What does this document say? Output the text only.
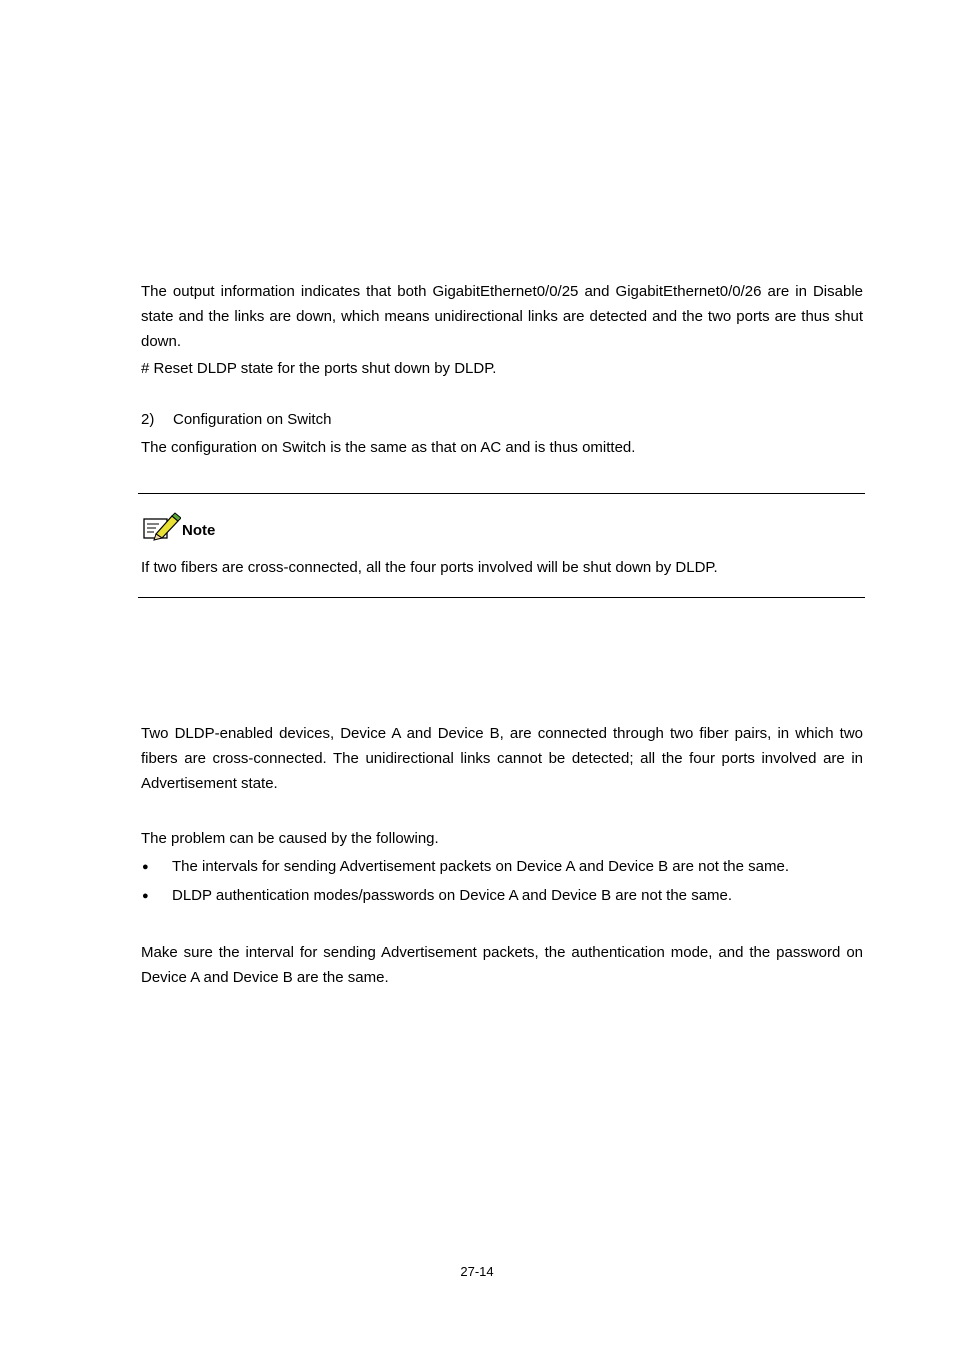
The output information indicates that both GigabitEthernet0/0/25 and GigabitEthernet0/0/26 are in Disable state and the links are down, which means unidirectional links are detected and the two ports are thus shut down.

# Reset DLDP state for the ports shut down by DLDP.

2) Configuration on Switch

The configuration on Switch is the same as that on AC and is thus omitted.

Note

If two fibers are cross-connected, all the four ports involved will be shut down by DLDP.

Two DLDP-enabled devices, Device A and Device B, are connected through two fiber pairs, in which two fibers are cross-connected. The unidirectional links cannot be detected; all the four ports involved are in Advertisement state.

The problem can be caused by the following.

● The intervals for sending Advertisement packets on Device A and Device B are not the same.
● DLDP authentication modes/passwords on Device A and Device B are not the same.

Make sure the interval for sending Advertisement packets, the authentication mode, and the password on Device A and Device B are the same.

27-14
